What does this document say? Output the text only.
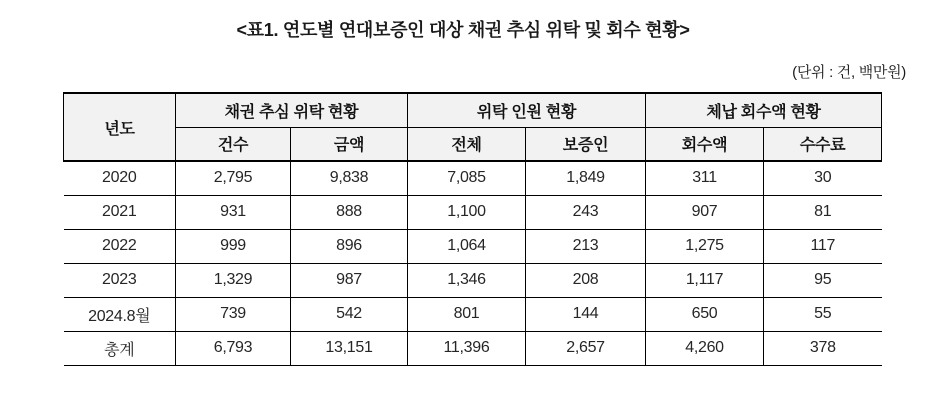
<표1. 연도별 연대보증인 대상 채권 추심 위탁 및 회수 현황>
(단위 : 건, 백만원)
년도	채권 추심 위탁 현황		위탁 인원 현황		체납 회수액 현황	
	건수	금액	전체	보증인	회수액	수수료
2020	2,795	9,838	7,085	1,849	311	30
2021	931	888	1,100	243	907	81
2022	999	896	1,064	213	1,275	117
2023	1,329	987	1,346	208	1,117	95
2024.8월	739	542	801	144	650	55
총계	6,793	13,151	11,396	2,657	4,260	378
